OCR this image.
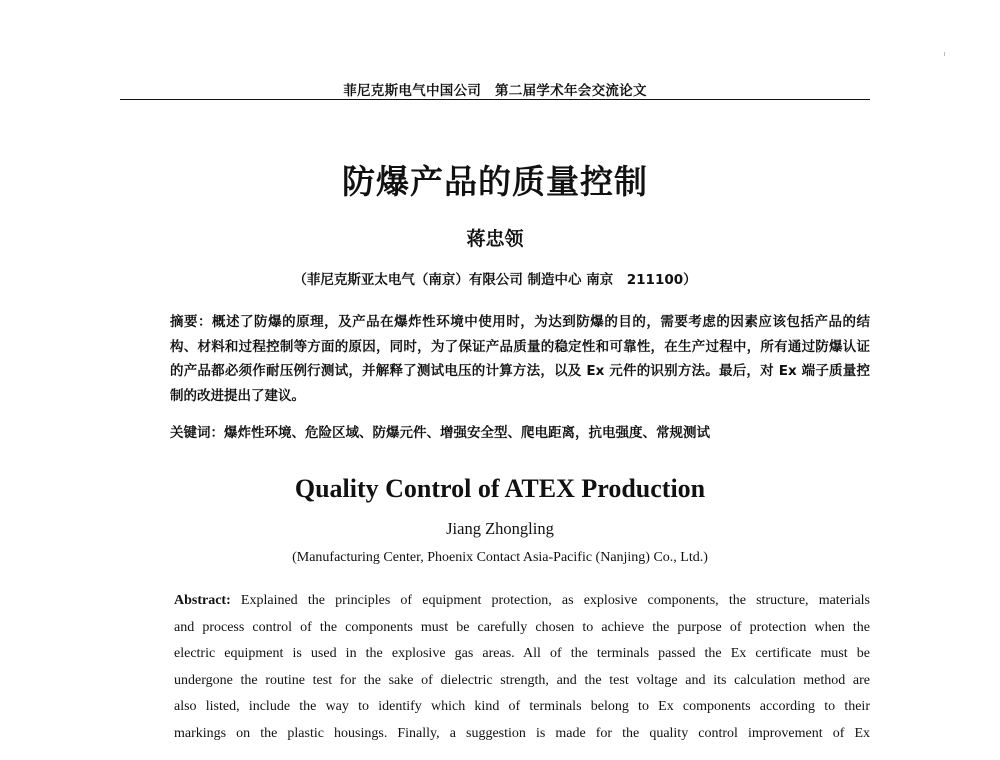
菲尼克斯电气中国公司　第二届学术年会交流论文
防爆产品的质量控制
蒋忠领
（菲尼克斯亚太电气（南京）有限公司 制造中心 南京　211100）
摘要：概述了防爆的原理，及产品在爆炸性环境中使用时，为达到防爆的目的，需要考虑的因素应该包括产品的结构、材料和过程控制等方面的原因，同时，为了保证产品质量的稳定性和可靠性，在生产过程中，所有通过防爆认证的产品都必须作耐压例行测试，并解释了测试电压的计算方法，以及 Ex 元件的识别方法。最后，对 Ex 端子质量控制的改进提出了建议。
关键词：爆炸性环境、危险区域、防爆元件、增强安全型、爬电距离，抗电强度、常规测试
Quality Control of ATEX Production
Jiang Zhongling
(Manufacturing Center, Phoenix Contact Asia-Pacific (Nanjing) Co., Ltd.)
Abstract: Explained the principles of equipment protection, as explosive components, the structure, materials
and process control of the components must be carefully chosen to achieve the purpose of protection when the
electric equipment is used in the explosive gas areas. All of the terminals passed the Ex certificate must be
undergone the routine test for the sake of dielectric strength, and the test voltage and its calculation method are
also listed, include the way to identify which kind of terminals belong to Ex components according to their
markings on the plastic housings. Finally, a suggestion is made for the quality control improvement of Ex
